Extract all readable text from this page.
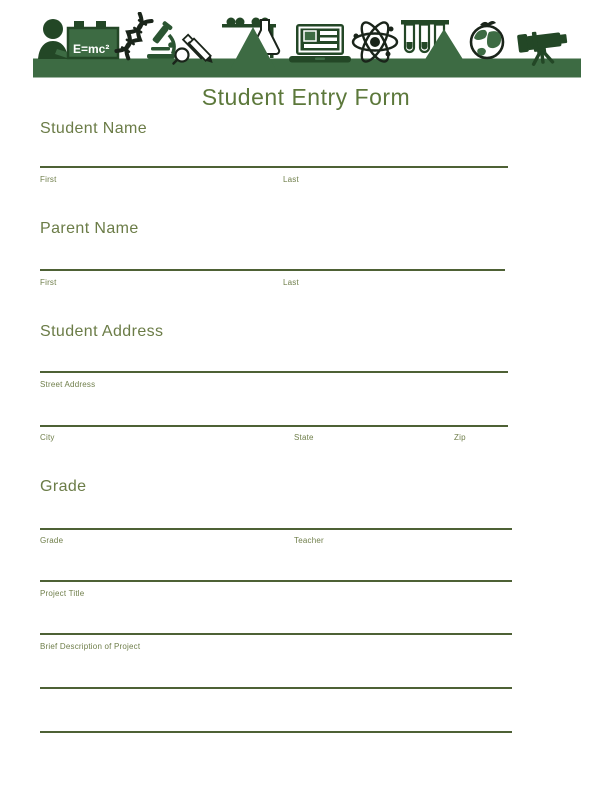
E=mc²
Student Entry Form
Student Name
First	Last
Parent Name
First	Last
Student Address
Street Address
City	State	Zip
Grade
Grade	Teacher
Project Title
Brief Description of Project
